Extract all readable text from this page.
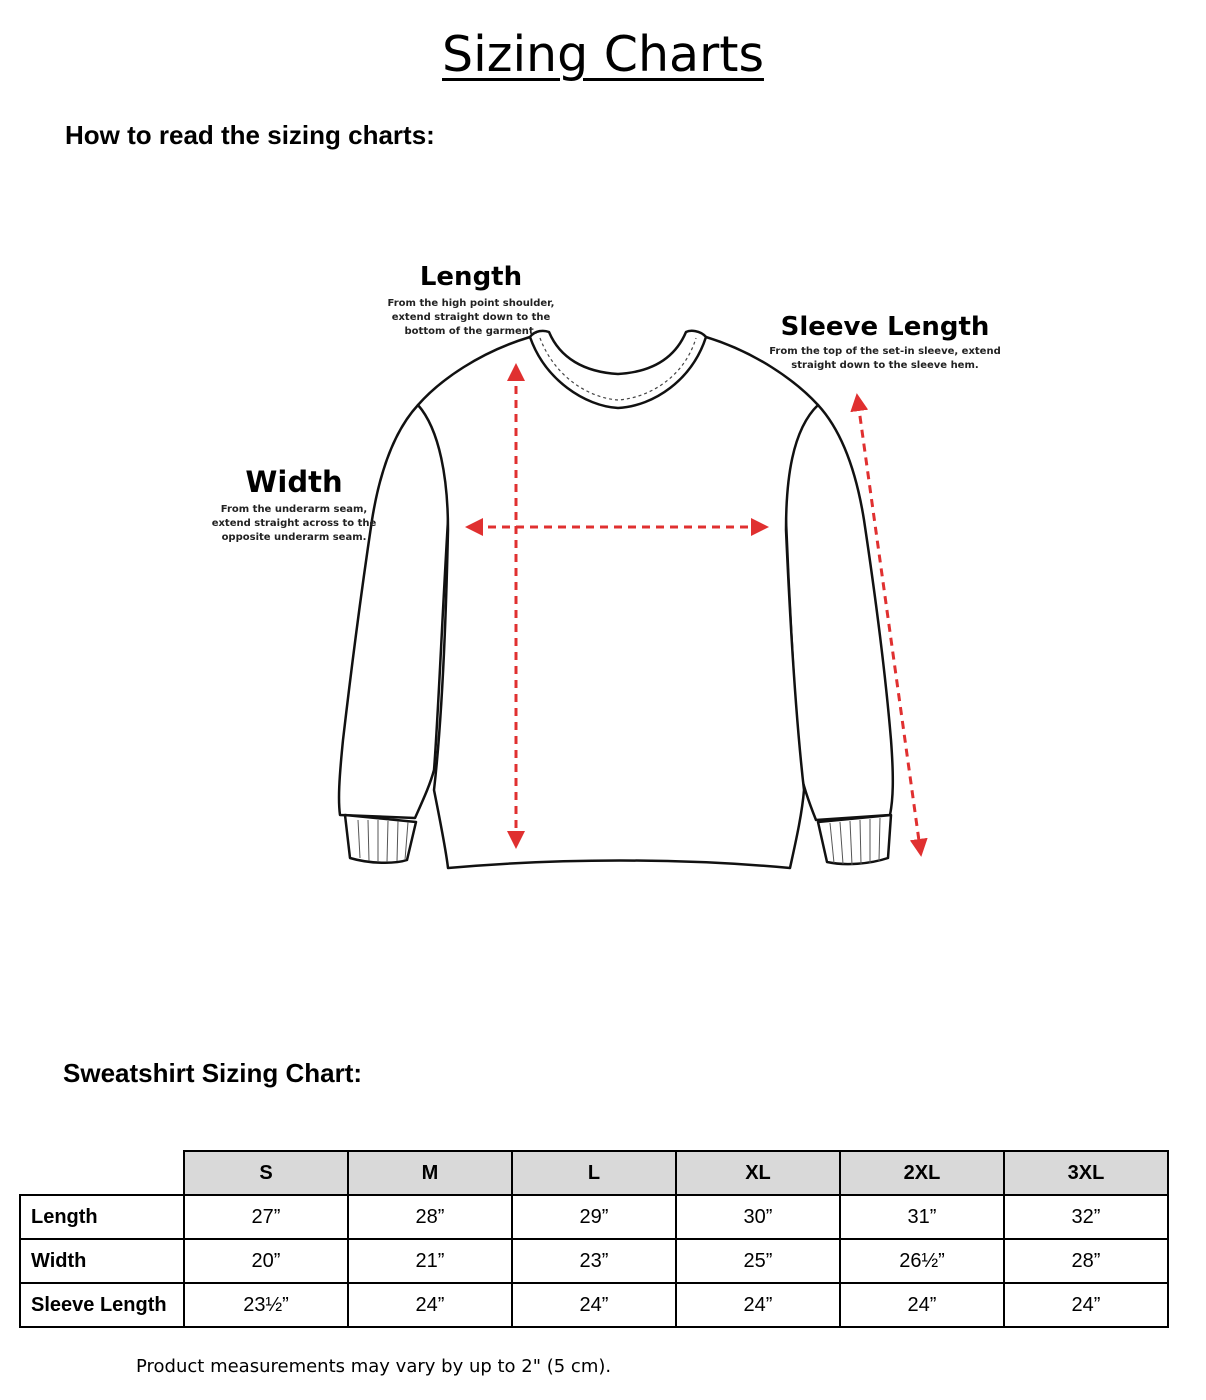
Sizing Charts
How to read the sizing charts:
Length
From the high point shoulder,
extend straight down to the
bottom of the garment.	Sleeve Length
From the top of the set-in sleeve, extend
straight down to the sleeve hem.
Width
From the underarm seam,
extend straight across to the
opposite underarm seam.
Sweatshirt Sizing Chart:
	S	M	L	XL	2XL	3XL
Length	27”	28”	29”	30”	31”	32”
Width	20”	21”	23”	25”	26½”	28”
Sleeve Length	23½”	24”	24”	24”	24”	24”
Product measurements may vary by up to 2" (5 cm).
